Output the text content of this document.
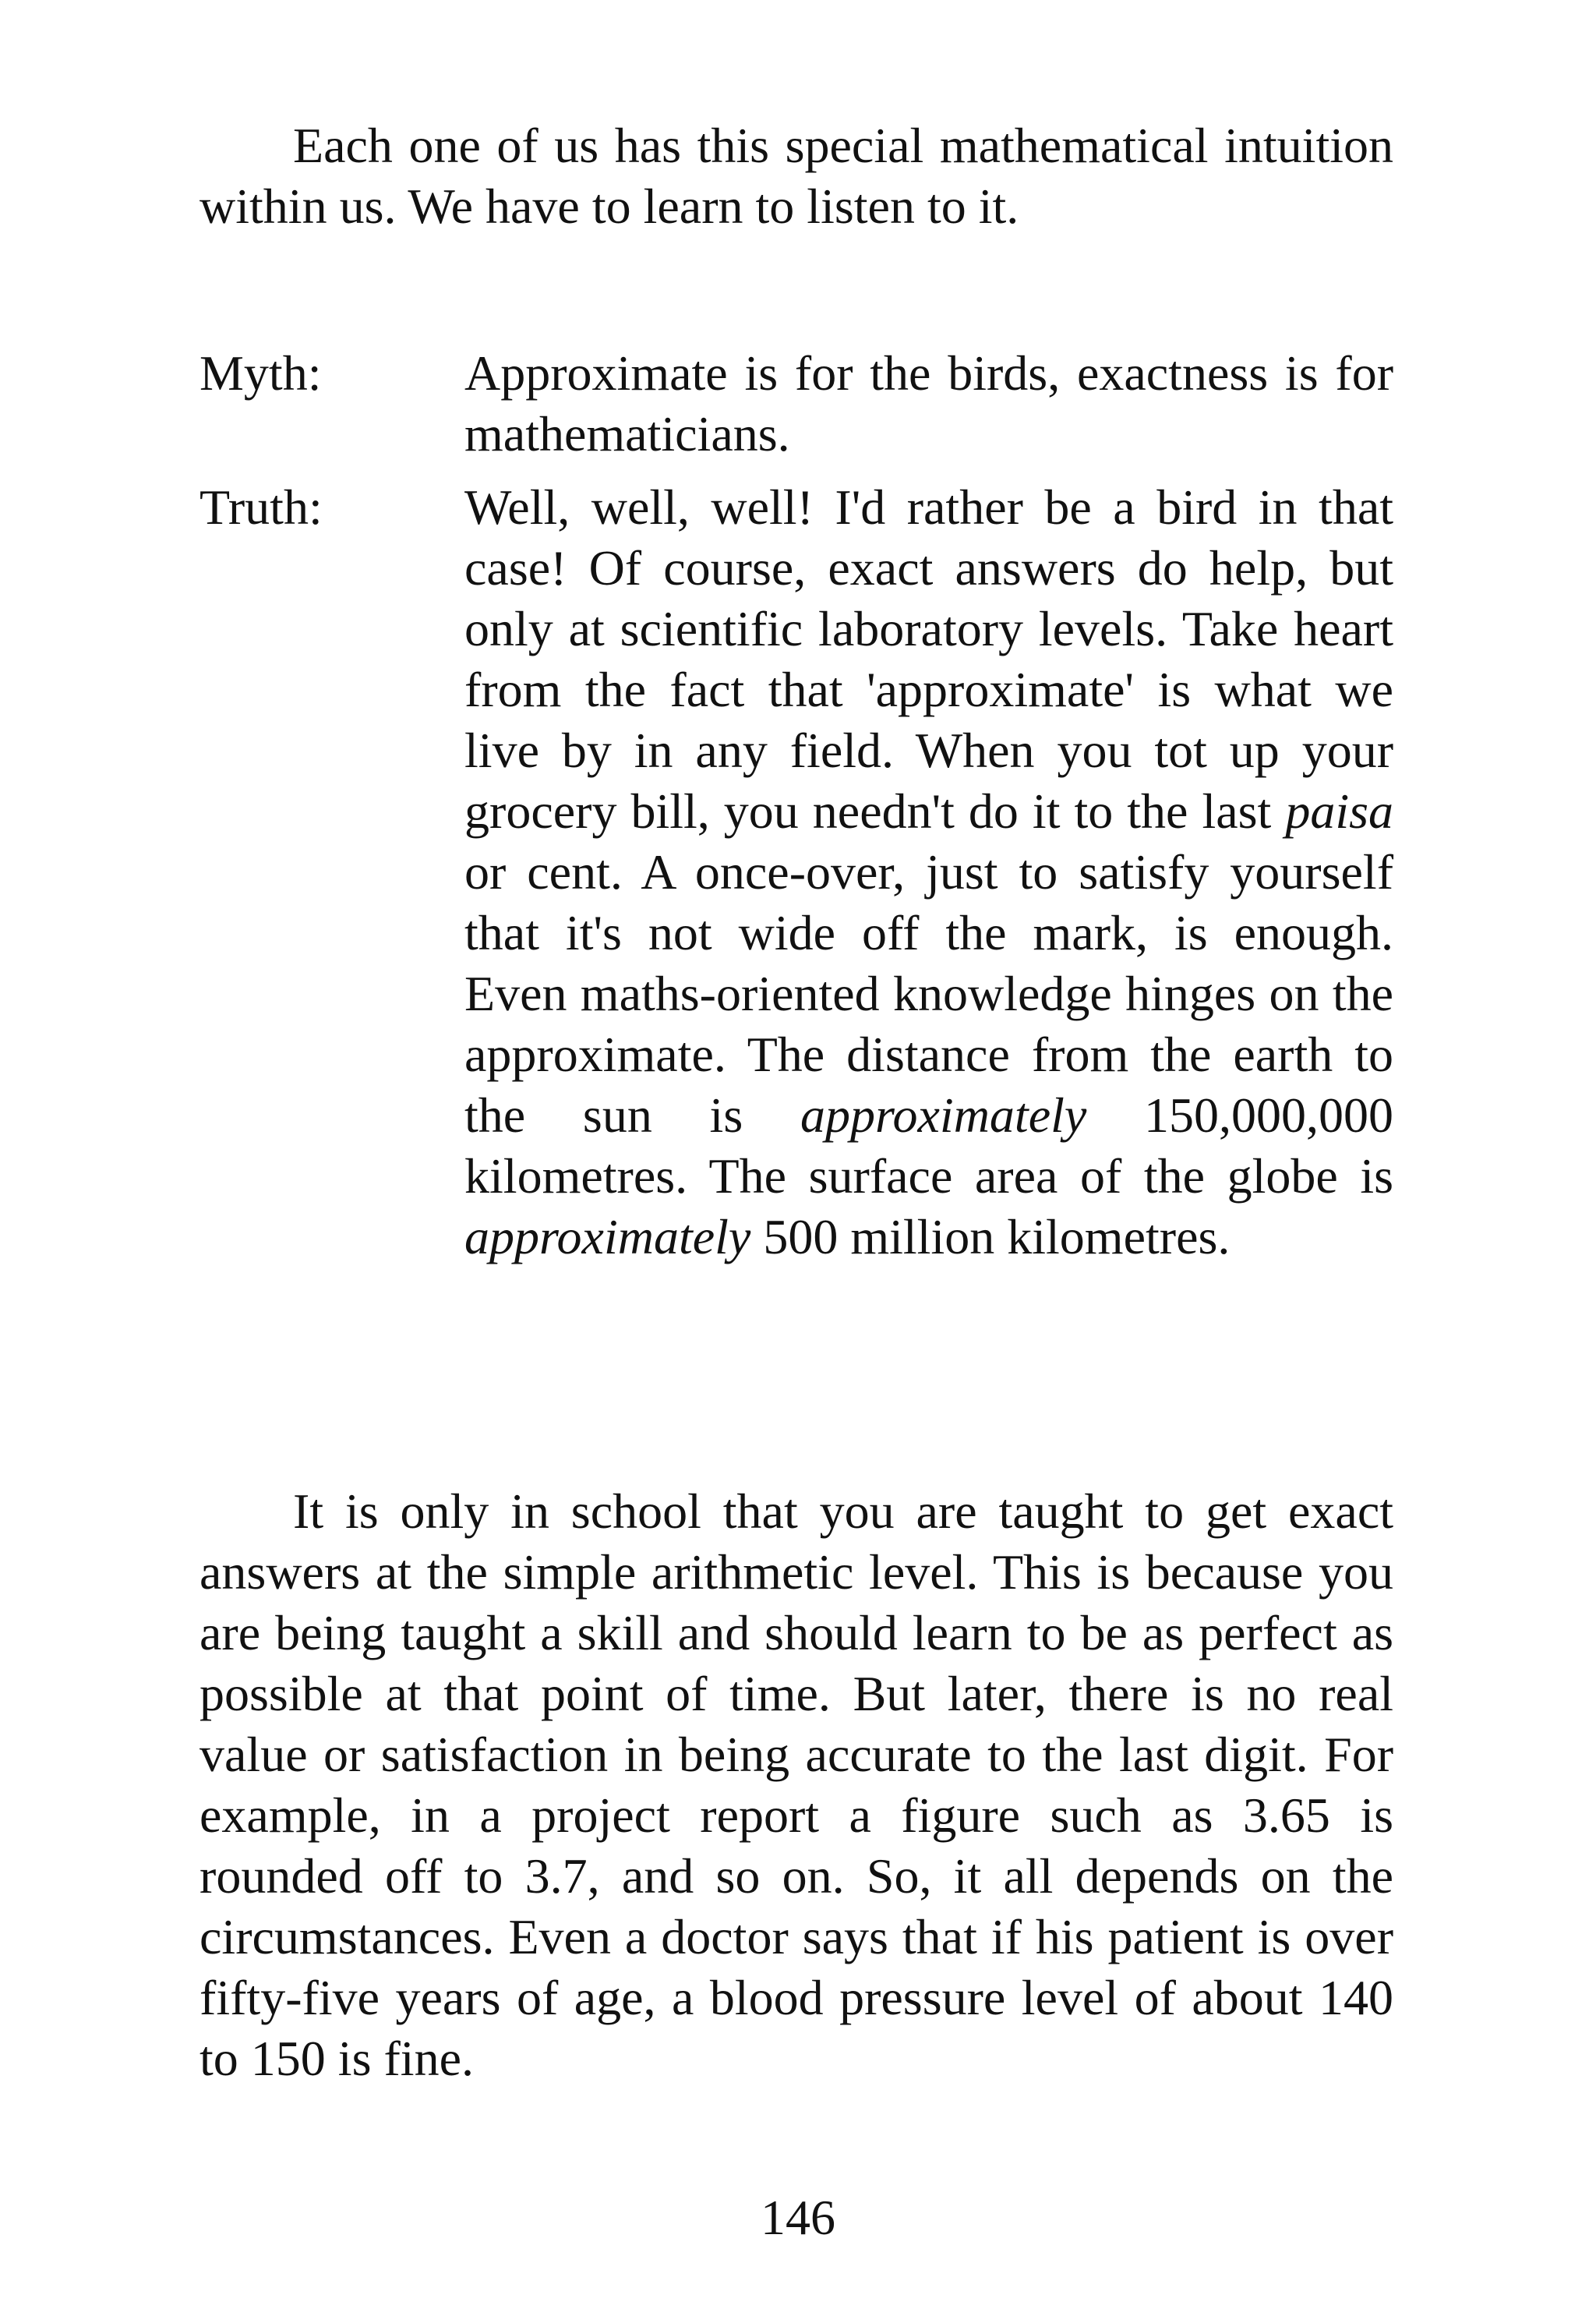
Each one of us has this special mathematical intuition within us. We have to learn to listen to it.

Myth:	Approximate is for the birds, exactness is for mathematicians.

Truth:	Well, well, well! I'd rather be a bird in that case! Of course, exact answers do help, but only at scientific laboratory levels. Take heart from the fact that 'approximate' is what we live by in any field. When you tot up your grocery bill, you needn't do it to the last paisa or cent. A once-over, just to satisfy yourself that it's not wide off the mark, is enough. Even maths-oriented knowledge hinges on the approximate. The distance from the earth to the sun is approximately 150,000,000 kilometres. The surface area of the globe is approximately 500 million kilometres.

It is only in school that you are taught to get exact answers at the simple arithmetic level. This is because you are being taught a skill and should learn to be as perfect as possible at that point of time. But later, there is no real value or satisfaction in being accurate to the last digit. For example, in a project report a figure such as 3.65 is rounded off to 3.7, and so on. So, it all depends on the circumstances. Even a doctor says that if his patient is over fifty-five years of age, a blood pressure level of about 140 to 150 is fine.

146
